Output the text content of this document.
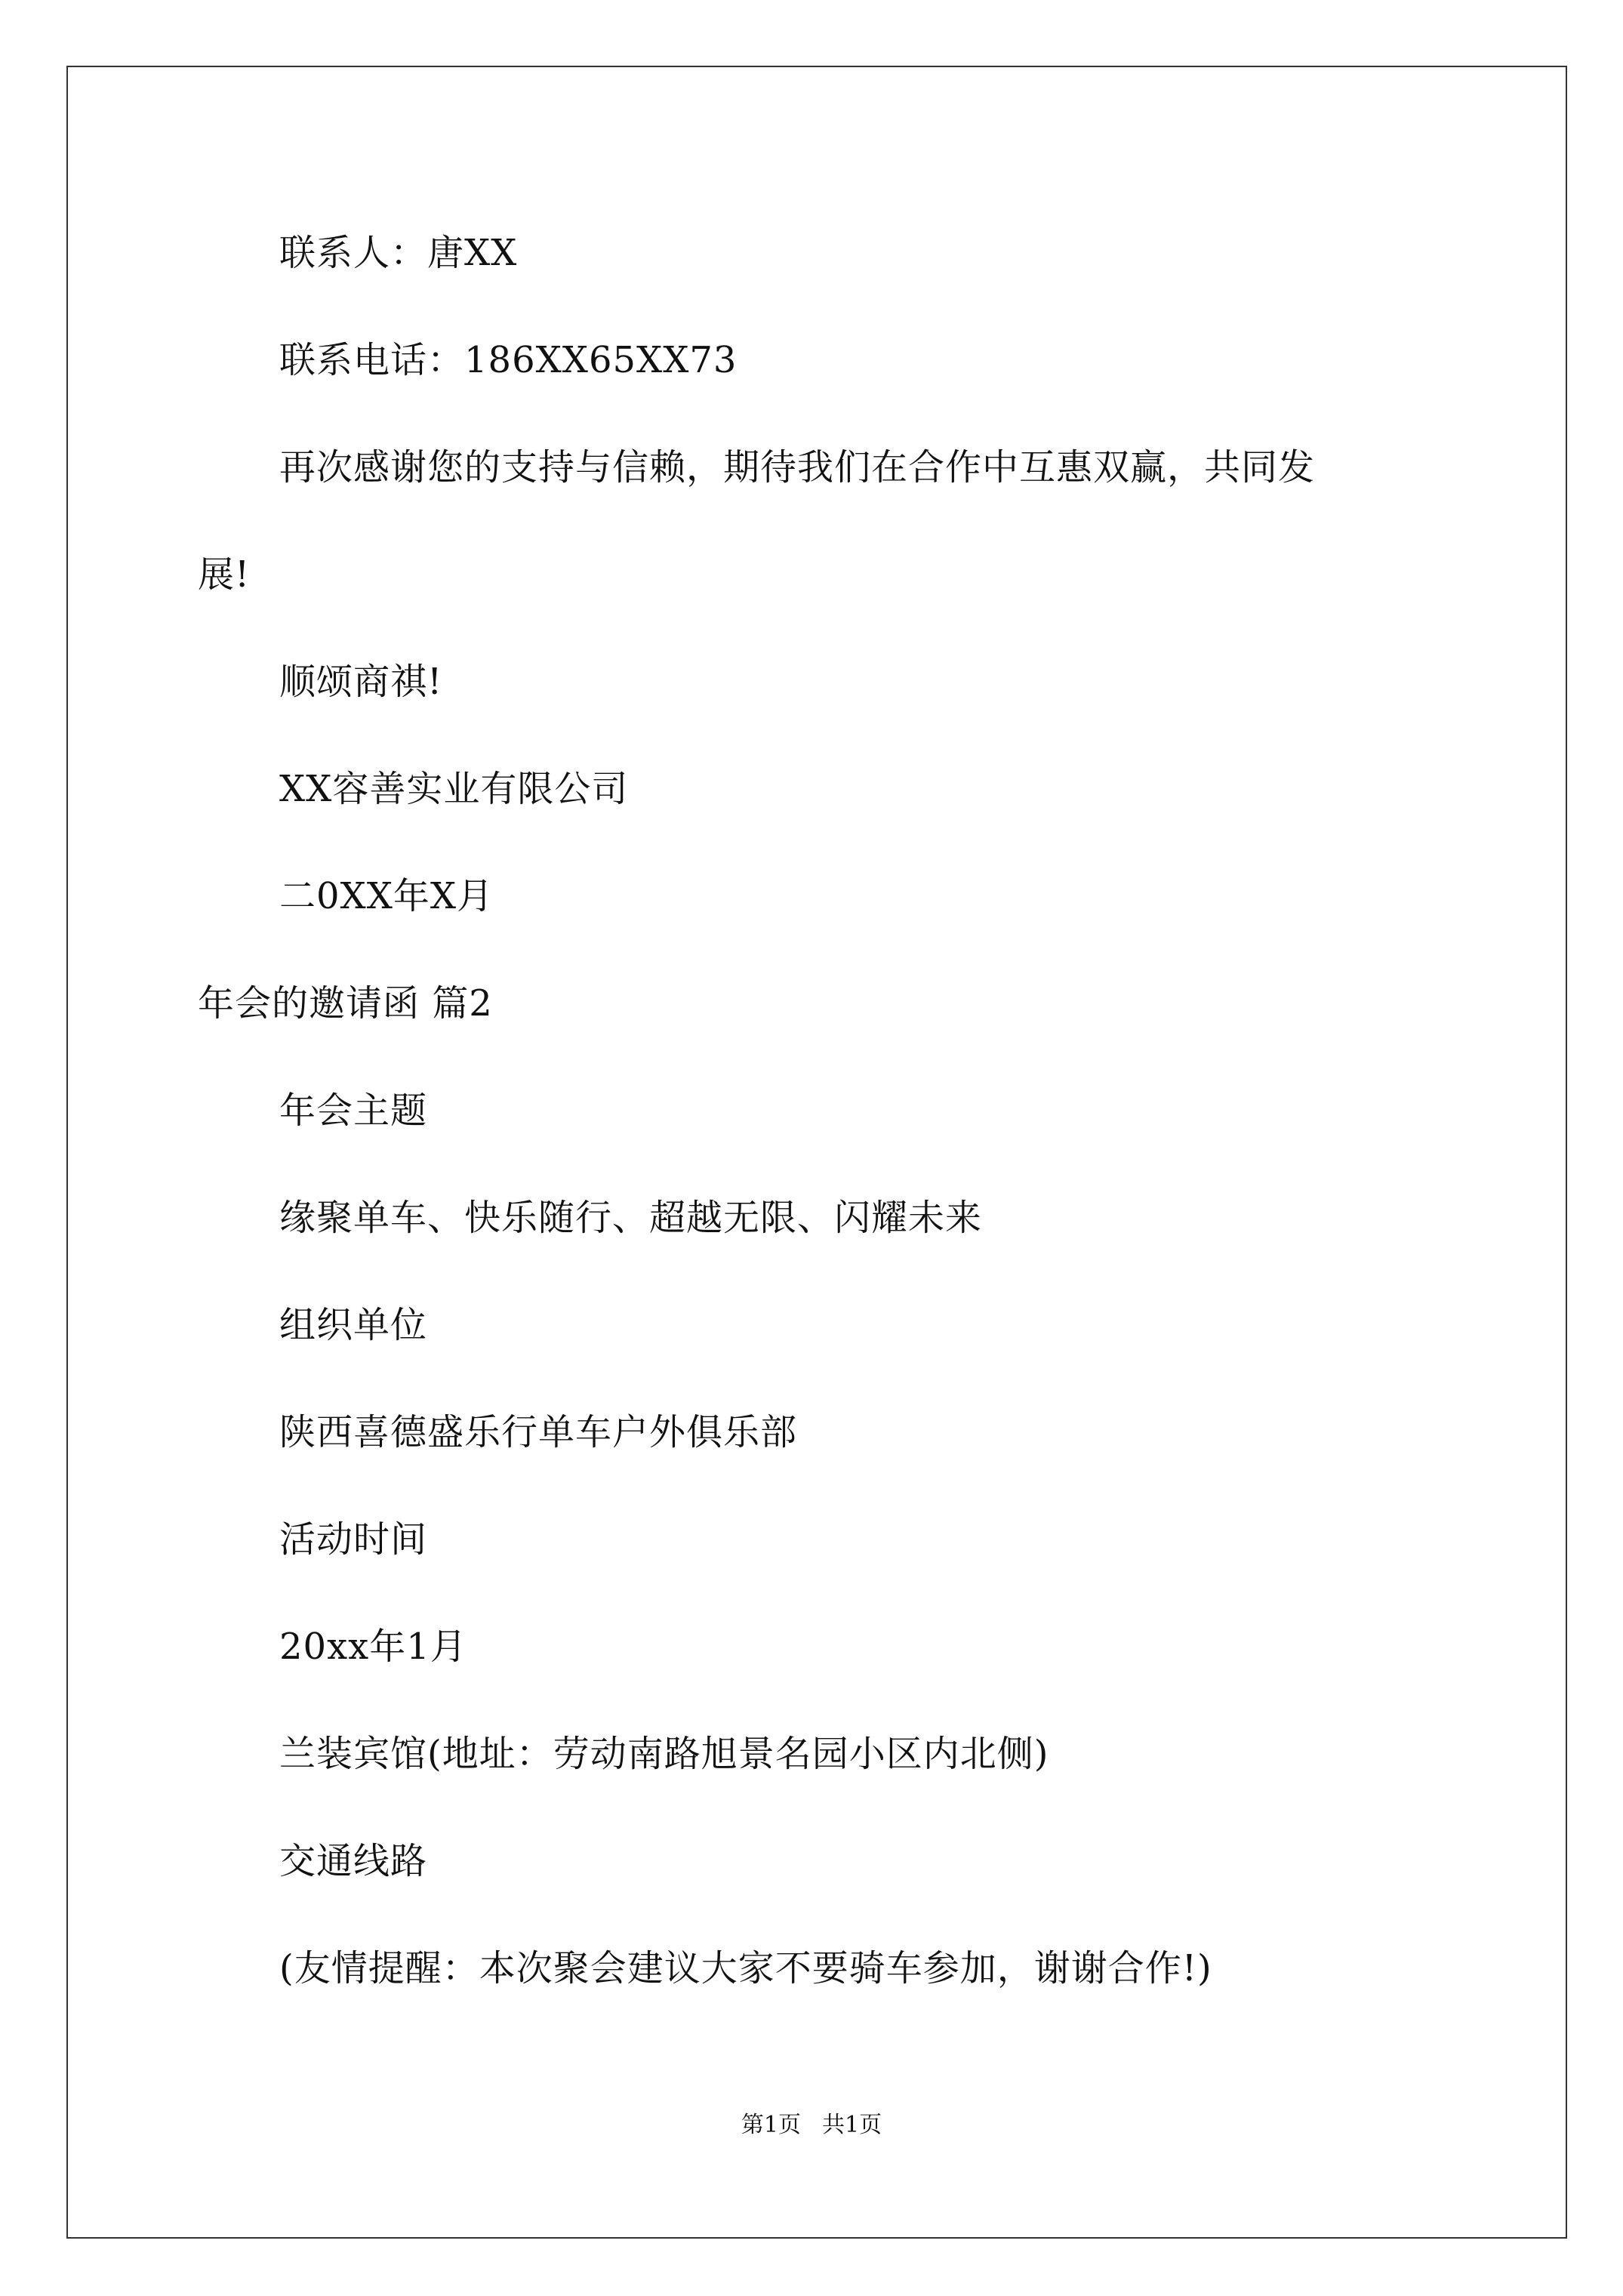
联系人：唐XX
联系电话：186XX65XX73
再次感谢您的支持与信赖，期待我们在合作中互惠双赢，共同发
展!
顺颂商祺!
XX容善实业有限公司
二0XX年X月
年会的邀请函 篇2
年会主题
缘聚单车、快乐随行、超越无限、闪耀未来
组织单位
陕西喜德盛乐行单车户外俱乐部
活动时间
20xx年1月
兰装宾馆(地址：劳动南路旭景名园小区内北侧)
交通线路
(友情提醒：本次聚会建议大家不要骑车参加，谢谢合作!)
第1页 共1页
